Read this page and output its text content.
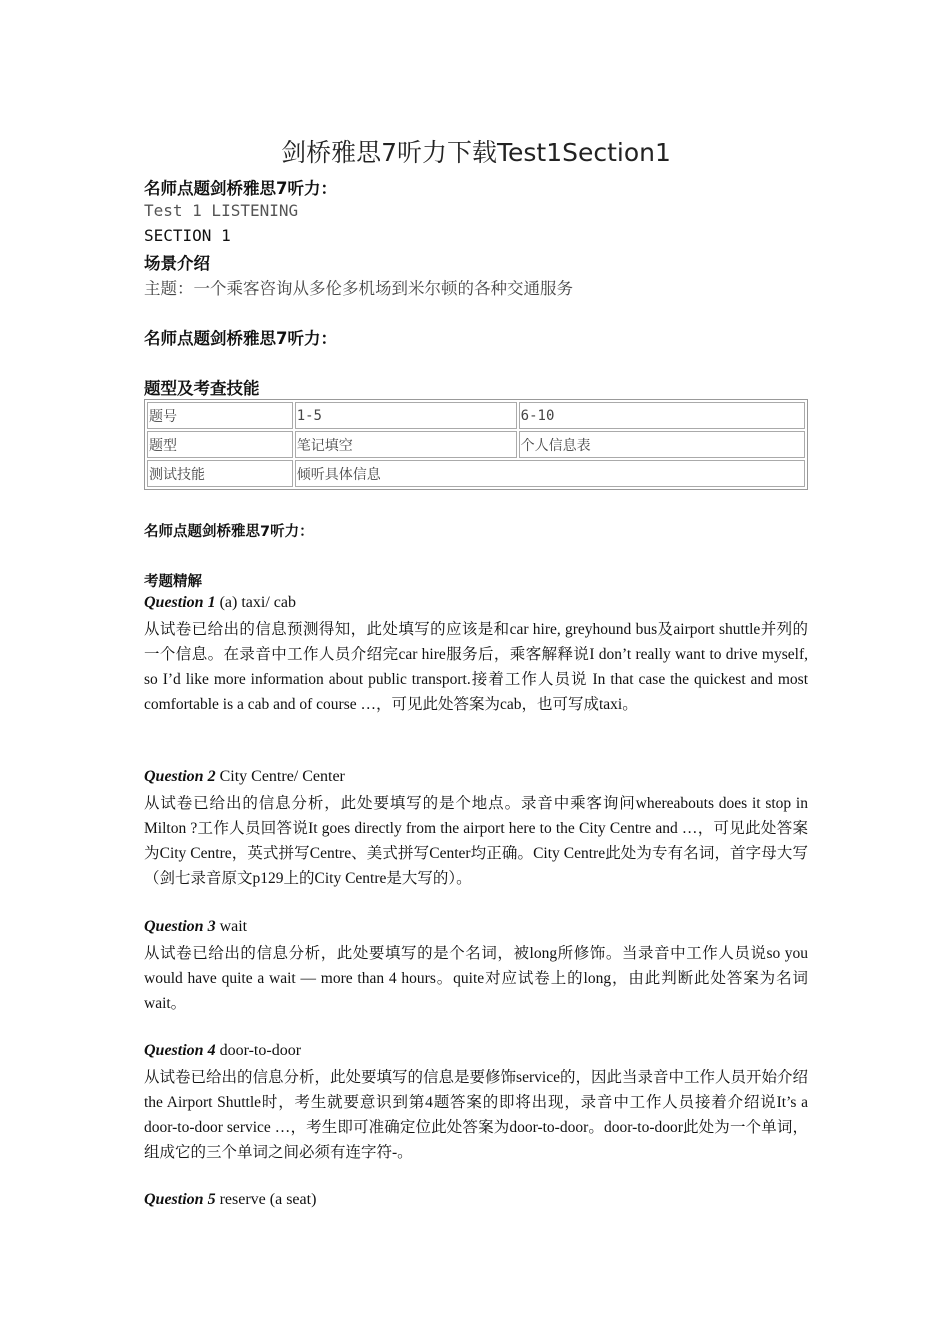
剑桥雅思7听力下载Test1Section1
名师点题剑桥雅思7听力：
Test 1 LISTENING
SECTION 1
场景介绍
主题：一个乘客咨询从多伦多机场到米尔顿的各种交通服务
名师点题剑桥雅思7听力：
题型及考查技能
题号	1-5	6-10
题型	笔记填空	个人信息表
测试技能	倾听具体信息	
名师点题剑桥雅思7听力：
考题精解
Question 1 (a) taxi/ cab
从试卷已给出的信息预测得知，此处填写的应该是和car hire, greyhound bus及airport shuttle并列的一个信息。在录音中工作人员介绍完car hire服务后，乘客解释说I don’t really want to drive myself, so I’d like more information about public transport.接着工作人员说 In that case the quickest and most comfortable is a cab and of course …，可见此处答案为cab，也可写成taxi。
Question 2 City Centre/ Center
从试卷已给出的信息分析，此处要填写的是个地点。录音中乘客询问whereabouts does it stop in Milton ?工作人员回答说It goes directly from the airport here to the City Centre and …，可见此处答案为City Centre，英式拼写Centre、美式拼写Center均正确。City Centre此处为专有名词，首字母大写（剑七录音原文p129上的City Centre是大写的）。
Question 3 wait
从试卷已给出的信息分析，此处要填写的是个名词，被long所修饰。当录音中工作人员说so you would have quite a wait — more than 4 hours。quite对应试卷上的long，由此判断此处答案为名词wait。
Question 4 door-to-door
从试卷已给出的信息分析，此处要填写的信息是要修饰service的，因此当录音中工作人员开始介绍the Airport Shuttle时，考生就要意识到第4题答案的即将出现，录音中工作人员接着介绍说It’s a door-to-door service …，考生即可准确定位此处答案为door-to-door。door-to-door此处为一个单词，组成它的三个单词之间必须有连字符-。
Question 5 reserve (a seat)
